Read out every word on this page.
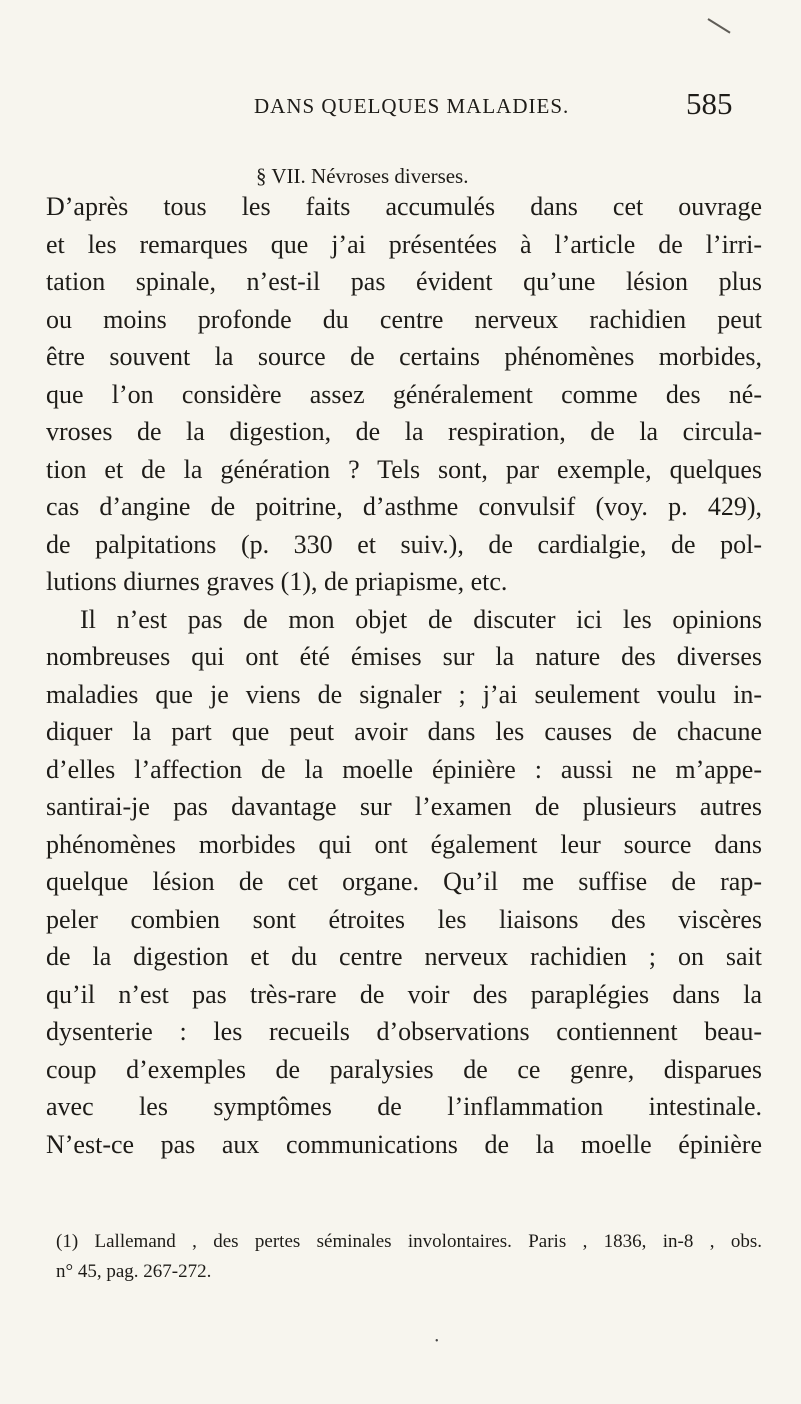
DANS QUELQUES MALADIES.	585
§ VII. Névroses diverses.
D’après tous les faits accumulés dans cet ouvrage
et les remarques que j’ai présentées à l’article de l’irri-
tation spinale, n’est-il pas évident qu’une lésion plus
ou moins profonde du centre nerveux rachidien peut
être souvent la source de certains phénomènes morbides,
que l’on considère assez généralement comme des né-
vroses de la digestion, de la respiration, de la circula-
tion et de la génération ? Tels sont, par exemple, quelques
cas d’angine de poitrine, d’asthme convulsif (voy. p. 429),
de palpitations (p. 330 et suiv.), de cardialgie, de pol-
lutions diurnes graves (1), de priapisme, etc.
Il n’est pas de mon objet de discuter ici les opinions
nombreuses qui ont été émises sur la nature des diverses
maladies que je viens de signaler ; j’ai seulement voulu in-
diquer la part que peut avoir dans les causes de chacune
d’elles l’affection de la moelle épinière : aussi ne m’appe-
santirai-je pas davantage sur l’examen de plusieurs autres
phénomènes morbides qui ont également leur source dans
quelque lésion de cet organe. Qu’il me suffise de rap-
peler combien sont étroites les liaisons des viscères
de la digestion et du centre nerveux rachidien ; on sait
qu’il n’est pas très-rare de voir des paraplégies dans la
dysenterie : les recueils d’observations contiennent beau-
coup d’exemples de paralysies de ce genre, disparues
avec les symptômes de l’inflammation intestinale.
N’est-ce pas aux communications de la moelle épinière
(1) Lallemand , des pertes séminales involontaires. Paris , 1836, in-8 , obs.
n° 45, pag. 267-272.
•
